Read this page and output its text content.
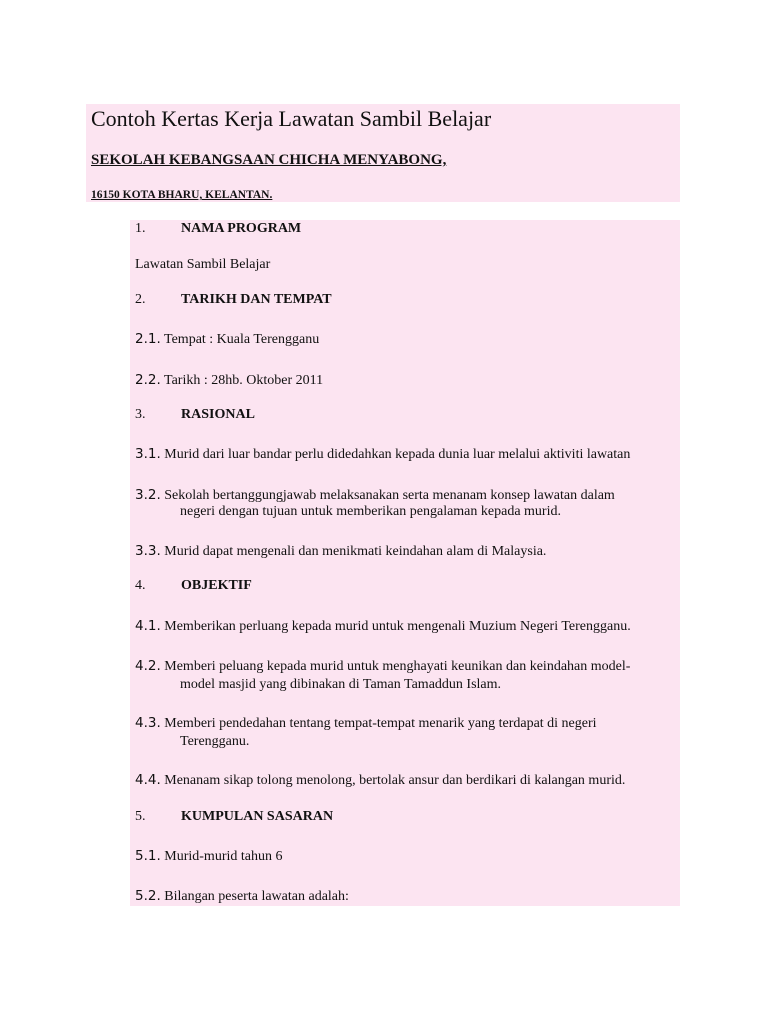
Contoh Kertas Kerja Lawatan Sambil Belajar
SEKOLAH KEBANGSAAN CHICHA MENYABONG,
16150 KOTA BHARU, KELANTAN.
1.	NAMA PROGRAM
Lawatan Sambil Belajar
2.	TARIKH DAN TEMPAT
2.1. Tempat : Kuala Terengganu
2.2. Tarikh : 28hb. Oktober 2011
3.	RASIONAL
3.1. Murid dari luar bandar perlu didedahkan kepada dunia luar melalui aktiviti lawatan
3.2. Sekolah bertanggungjawab melaksanakan serta menanam konsep lawatan dalam
negeri dengan tujuan untuk memberikan pengalaman kepada murid.
3.3. Murid dapat mengenali dan menikmati keindahan alam di Malaysia.
4.	OBJEKTIF
4.1. Memberikan perluang kepada murid untuk mengenali Muzium Negeri Terengganu.
4.2. Memberi peluang kepada murid untuk menghayati keunikan dan keindahan model-
model masjid yang dibinakan di Taman Tamaddun Islam.
4.3. Memberi pendedahan tentang tempat-tempat menarik yang terdapat di negeri
Terengganu.
4.4. Menanam sikap tolong menolong, bertolak ansur dan berdikari di kalangan murid.
5.	KUMPULAN SASARAN
5.1. Murid-murid tahun 6
5.2. Bilangan peserta lawatan adalah:
